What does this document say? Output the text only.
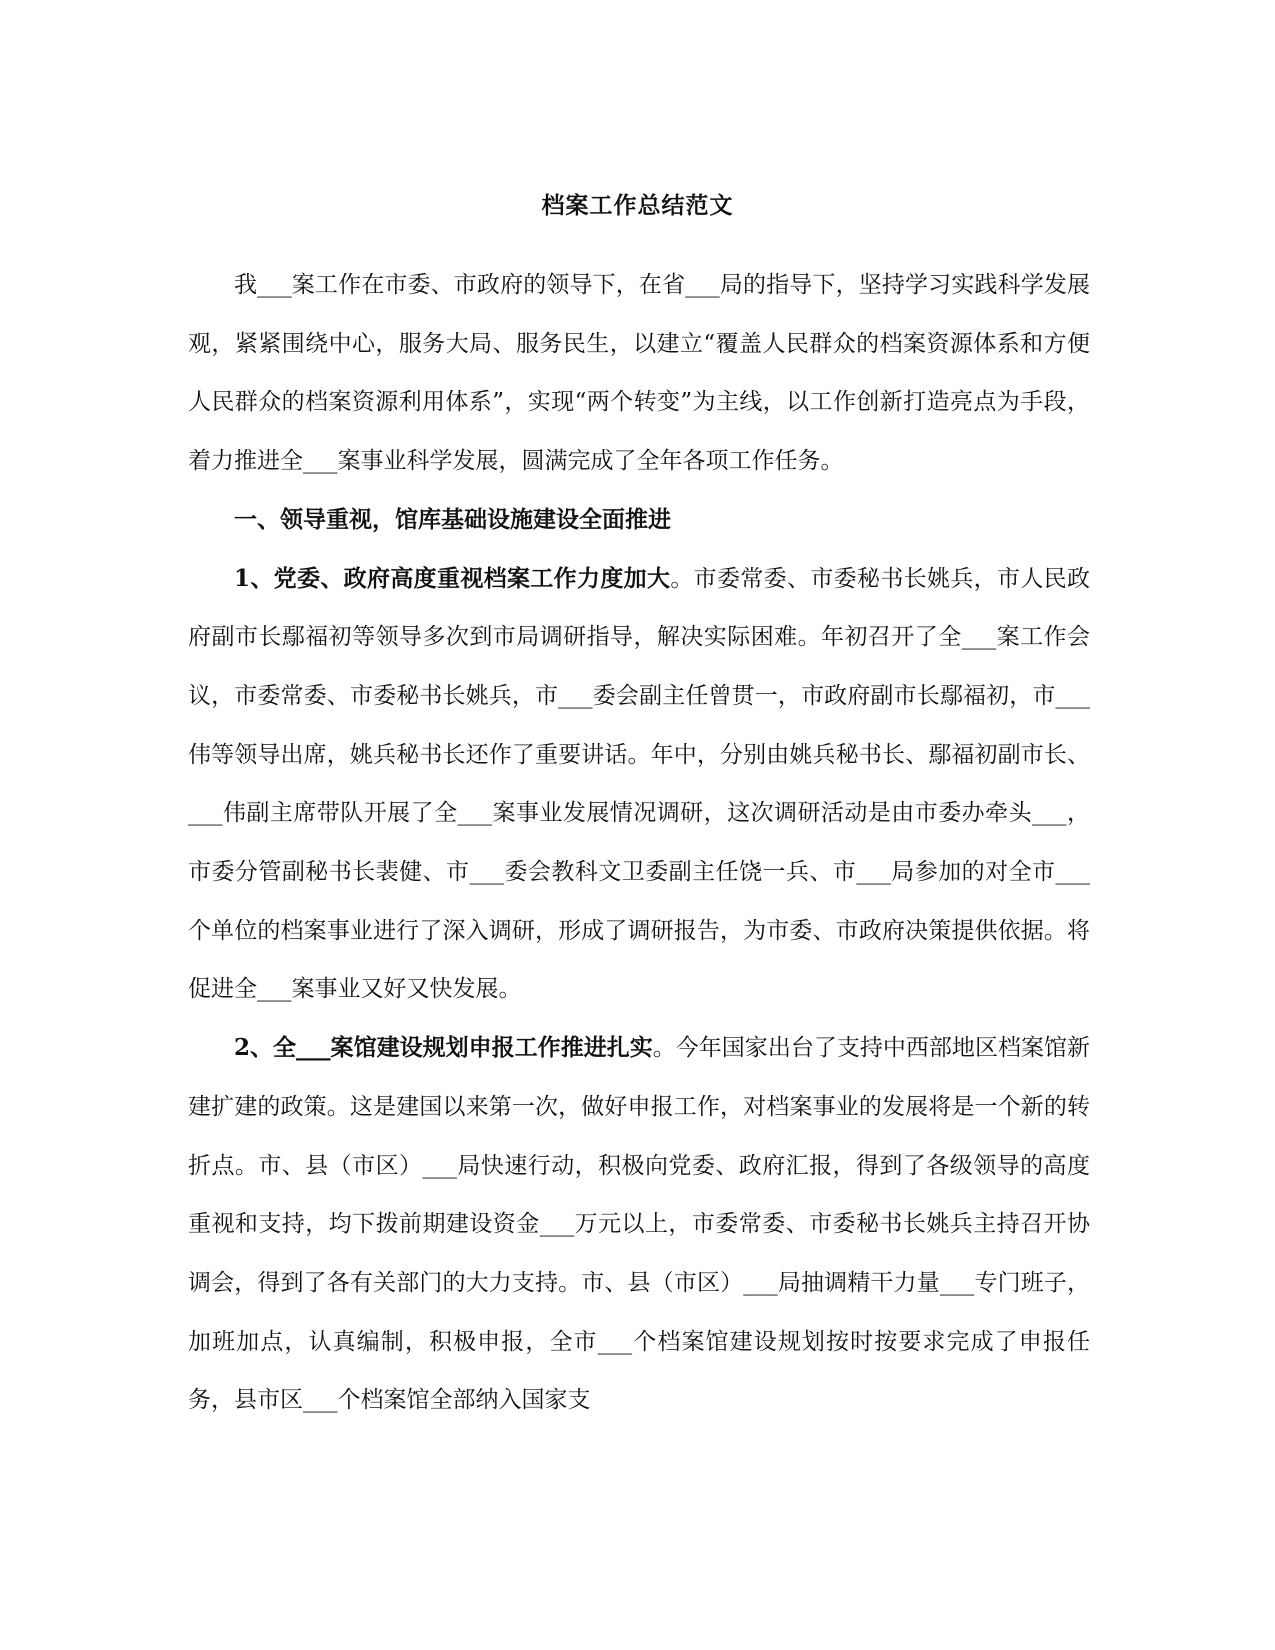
档案工作总结范文

我___案工作在市委、市政府的领导下，在省___局的指导下，坚持学习实践科学发展观，紧紧围绕中心，服务大局、服务民生，以建立“覆盖人民群众的档案资源体系和方便人民群众的档案资源利用体系”，实现“两个转变”为主线，以工作创新打造亮点为手段，着力推进全___案事业科学发展，圆满完成了全年各项工作任务。

一、领导重视，馆库基础设施建设全面推进

1、党委、政府高度重视档案工作力度加大。市委常委、市委秘书长姚兵，市人民政府副市长鄢福初等领导多次到市局调研指导，解决实际困难。年初召开了全___案工作会议，市委常委、市委秘书长姚兵，市___委会副主任曾贯一，市政府副市长鄢福初，市___伟等领导出席，姚兵秘书长还作了重要讲话。年中，分别由姚兵秘书长、鄢福初副市长、___伟副主席带队开展了全___案事业发展情况调研，这次调研活动是由市委办牵头___，市委分管副秘书长裴健、市___委会教科文卫委副主任饶一兵、市___局参加的对全市___个单位的档案事业进行了深入调研，形成了调研报告，为市委、市政府决策提供依据。将促进全___案事业又好又快发展。

2、全___案馆建设规划申报工作推进扎实。今年国家出台了支持中西部地区档案馆新建扩建的政策。这是建国以来第一次，做好申报工作，对档案事业的发展将是一个新的转折点。市、县（市区）___局快速行动，积极向党委、政府汇报，得到了各级领导的高度重视和支持，均下拨前期建设资金___万元以上，市委常委、市委秘书长姚兵主持召开协调会，得到了各有关部门的大力支持。市、县（市区）___局抽调精干力量___专门班子，加班加点，认真编制，积极申报，全市___个档案馆建设规划按时按要求完成了申报任务，县市区___个档案馆全部纳入国家支
